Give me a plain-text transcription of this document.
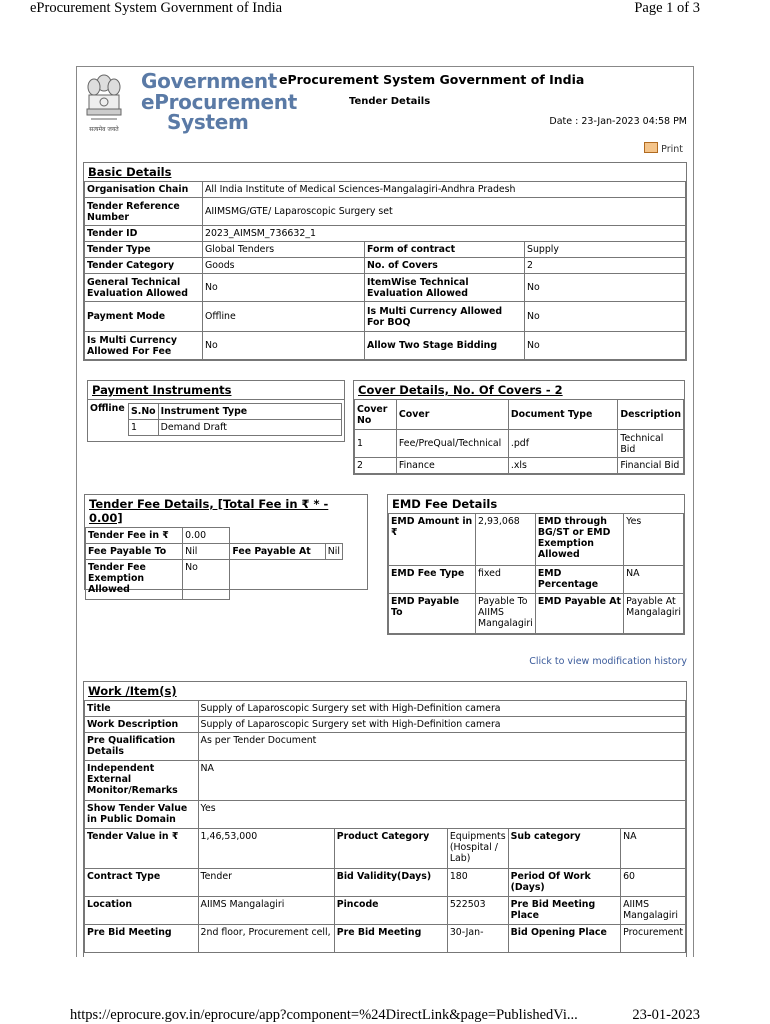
eProcurement System Government of India	Page 1 of 3
सत्यमेव जयते
Government
eProcurement
System
eProcurement System Government of India
Tender Details
Date : 23-Jan-2023 04:58 PM
Print
Basic Details
Organisation Chain	All India Institute of Medical Sciences-Mangalagiri-Andhra Pradesh		
Tender Reference Number	AIIMSMG/GTE/ Laparoscopic Surgery set		
Tender ID	2023_AIMSM_736632_1		
Tender Type	Global Tenders	Form of contract	Supply
Tender Category	Goods	No. of Covers	2
General Technical Evaluation Allowed	No	ItemWise Technical Evaluation Allowed	No
Payment Mode	Offline	Is Multi Currency Allowed For BOQ	No
Is Multi Currency Allowed For Fee	No	Allow Two Stage Bidding	No
Payment Instruments
Offline S.No	Instrument Type
1	Demand Draft
Cover Details, No. Of Covers - 2
Cover No	Cover	Document Type	Description
1	Fee/PreQual/Technical	.pdf	Technical Bid
2	Finance	.xls	Financial Bid
Tender Fee Details, [Total Fee in ₹ * - 0.00]
Tender Fee in ₹	0.00		
Fee Payable To	Nil	Fee Payable At	Nil
Tender Fee Exemption Allowed	No		
EMD Fee Details
EMD Amount in ₹	2,93,068	EMD through BG/ST or EMD Exemption Allowed	Yes
EMD Fee Type	fixed	EMD Percentage	NA
EMD Payable To	Payable To AIIMS Mangalagiri	EMD Payable At	Payable At Mangalagiri
Click to view modification history
Work /Item(s)
Title	Supply of Laparoscopic Surgery set with High-Definition camera				
Work Description	Supply of Laparoscopic Surgery set with High-Definition camera				
Pre Qualification Details	As per Tender Document				
Independent External Monitor/Remarks	NA				
Show Tender Value in Public Domain	Yes				
Tender Value in ₹	1,46,53,000	Product Category	Equipments (Hospital / Lab)	Sub category	NA
Contract Type	Tender	Bid Validity(Days)	180	Period Of Work (Days)	60
Location	AIIMS Mangalagiri	Pincode	522503	Pre Bid Meeting Place	AIIMS Mangalagiri
Pre Bid Meeting	2nd floor, Procurement cell,	Pre Bid Meeting	30-Jan-	Bid Opening Place	Procurement
https://eprocure.gov.in/eprocure/app?component=%24DirectLink&page=PublishedVi...	23-01-2023
